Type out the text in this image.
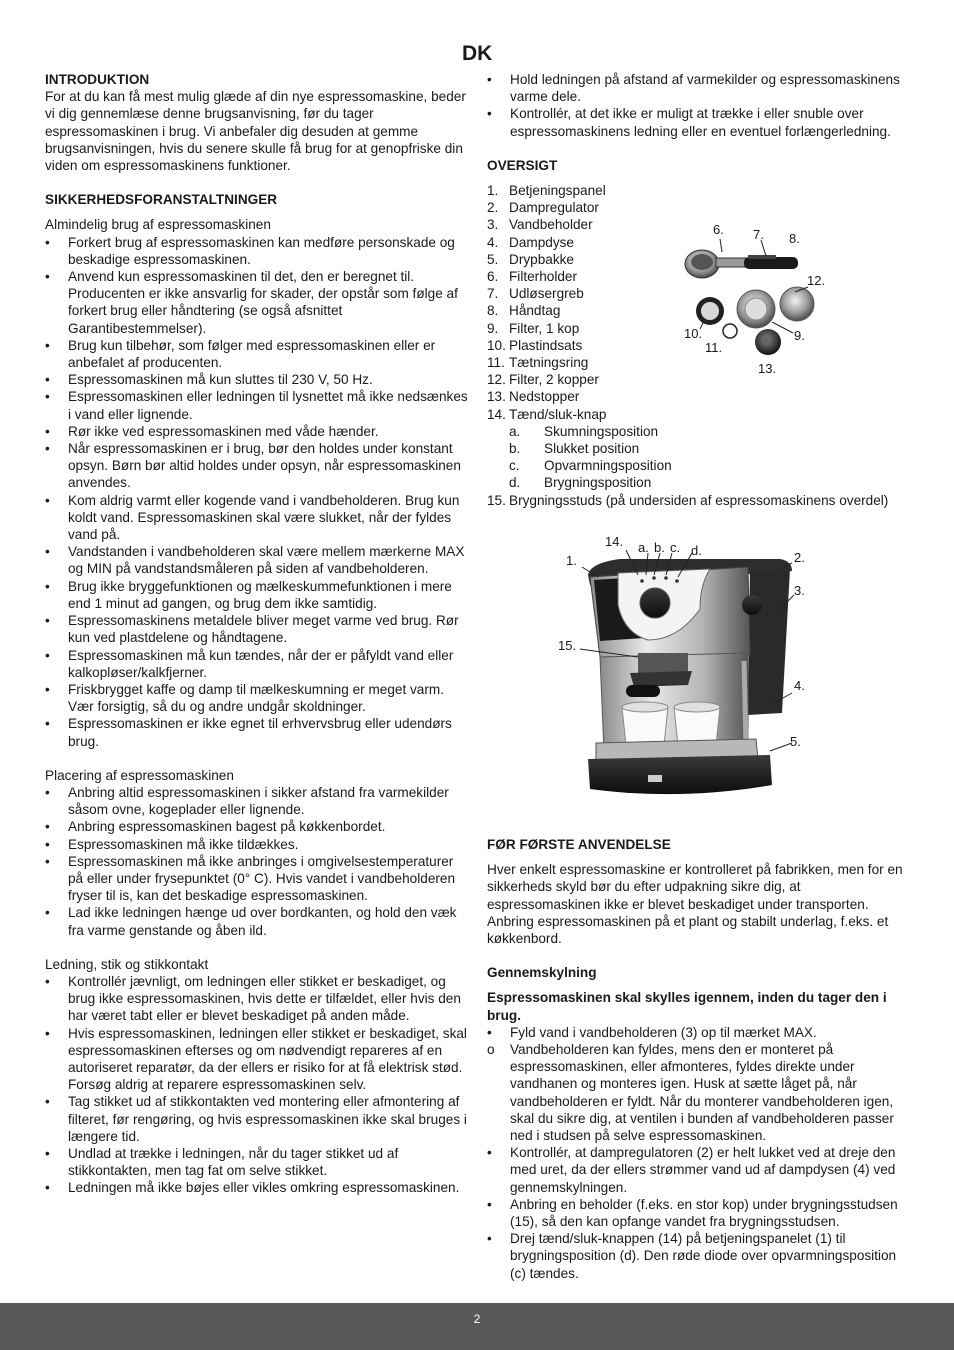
DK

INTRODUKTION

For at du kan få mest mulig glæde af din nye espressomaskine, beder vi dig gennemlæse denne brugsanvisning, før du tager espressomaskinen i brug. Vi anbefaler dig desuden at gemme brugsanvisningen, hvis du senere skulle få brug for at genopfriske din viden om espressomaskinens funktioner.

SIKKERHEDSFORANSTALTNINGER

Almindelig brug af espressomaskinen

• Forkert brug af espressomaskinen kan medføre personskade og beskadige espressomaskinen.
• Anvend kun espressomaskinen til det, den er beregnet til. Producenten er ikke ansvarlig for skader, der opstår som følge af forkert brug eller håndtering (se også afsnittet Garantibestemmelser).
• Brug kun tilbehør, som følger med espressomaskinen eller er anbefalet af producenten.
• Espressomaskinen må kun sluttes til 230 V, 50 Hz.
• Espressomaskinen eller ledningen til lysnettet må ikke nedsænkes i vand eller lignende.
• Rør ikke ved espressomaskinen med våde hænder.
• Når espressomaskinen er i brug, bør den holdes under konstant opsyn. Børn bør altid holdes under opsyn, når espressomaskinen anvendes.
• Kom aldrig varmt eller kogende vand i vandbeholderen. Brug kun koldt vand. Espressomaskinen skal være slukket, når der fyldes vand på.
• Vandstanden i vandbeholderen skal være mellem mærkerne MAX og MIN på vandstandsmåleren på siden af vandbeholderen.
• Brug ikke bryggefunktionen og mælkeskummefunktionen i mere end 1 minut ad gangen, og brug dem ikke samtidig.
• Espressomaskinens metaldele bliver meget varme ved brug. Rør kun ved plastdelene og håndtagene.
• Espressomaskinen må kun tændes, når der er påfyldt vand eller kalkopløser/kalkfjerner.
• Friskbrygget kaffe og damp til mælkeskumning er meget varm. Vær forsigtig, så du og andre undgår skoldninger.
• Espressomaskinen er ikke egnet til erhvervsbrug eller udendørs brug.

Placering af espressomaskinen

• Anbring altid espressomaskinen i sikker afstand fra varmekilder såsom ovne, kogeplader eller lignende.
• Anbring espressomaskinen bagest på køkkenbordet.
• Espressomaskinen må ikke tildækkes.
• Espressomaskinen må ikke anbringes i omgivelsestemperaturer på eller under frysepunktet (0° C). Hvis vandet i vandbeholderen fryser til is, kan det beskadige espressomaskinen.
• Lad ikke ledningen hænge ud over bordkanten, og hold den væk fra varme genstande og åben ild.

Ledning, stik og stikkontakt

• Kontrollér jævnligt, om ledningen eller stikket er beskadiget, og brug ikke espressomaskinen, hvis dette er tilfældet, eller hvis den har været tabt eller er blevet beskadiget på anden måde.
• Hvis espressomaskinen, ledningen eller stikket er beskadiget, skal espressomaskinen efterses og om nødvendigt repareres af en autoriseret reparatør, da der ellers er risiko for at få elektrisk stød. Forsøg aldrig at reparere espressomaskinen selv.
• Tag stikket ud af stikkontakten ved montering eller afmontering af filteret, før rengøring, og hvis espressomaskinen ikke skal bruges i længere tid.
• Undlad at trække i ledningen, når du tager stikket ud af stikkontakten, men tag fat om selve stikket.
• Ledningen må ikke bøjes eller vikles omkring espressomaskinen.
• Hold ledningen på afstand af varmekilder og espressomaskinens varme dele.
• Kontrollér, at det ikke er muligt at trække i eller snuble over espressomaskinens ledning eller en eventuel forlængerledning.

OVERSIGT

1. Betjeningspanel
2. Dampregulator
3. Vandbeholder
4. Dampdyse
5. Drypbakke
6. Filterholder
7. Udløsergreb
8. Håndtag
9. Filter, 1 kop
10. Plastindsats
11. Tætningsring
12. Filter, 2 kopper
13. Nedstopper
14. Tænd/sluk-knap
a. Skumningsposition
b. Slukket position
c. Opvarmningsposition
d. Brygningsposition
15. Brygningsstuds (på undersiden af espressomaskinens overdel)

FØR FØRSTE ANVENDELSE

Hver enkelt espressomaskine er kontrolleret på fabrikken, men for en sikkerheds skyld bør du efter udpakning sikre dig, at espressomaskinen ikke er blevet beskadiget under transporten. Anbring espressomaskinen på et plant og stabilt underlag, f.eks. et køkkenbord.

Gennemskylning

Espressomaskinen skal skylles igennem, inden du tager den i brug.

• Fyld vand i vandbeholderen (3) op til mærket MAX.
o Vandbeholderen kan fyldes, mens den er monteret på espressomaskinen, eller afmonteres, fyldes direkte under vandhanen og monteres igen. Husk at sætte låget på, når vandbeholderen er fyldt. Når du monterer vandbeholderen igen, skal du sikre dig, at ventilen i bunden af vandbeholderen passer ned i studsen på selve espressomaskinen.
• Kontrollér, at dampregulatoren (2) er helt lukket ved at dreje den med uret, da der ellers strømmer vand ud af dampdysen (4) ved gennemskylningen.
• Anbring en beholder (f.eks. en stor kop) under brygningsstudsen (15), så den kan opfange vandet fra brygningsstudsen.
• Drej tænd/sluk-knappen (14) på betjeningspanelet (1) til brygningsposition (d). Den røde diode over opvarmningsposition (c) tændes.
6. 7. 8.
12.
10.
11.
9.
13.
14. a. b. c. d.
1.	2.
3.
15.
4.
5.
2
